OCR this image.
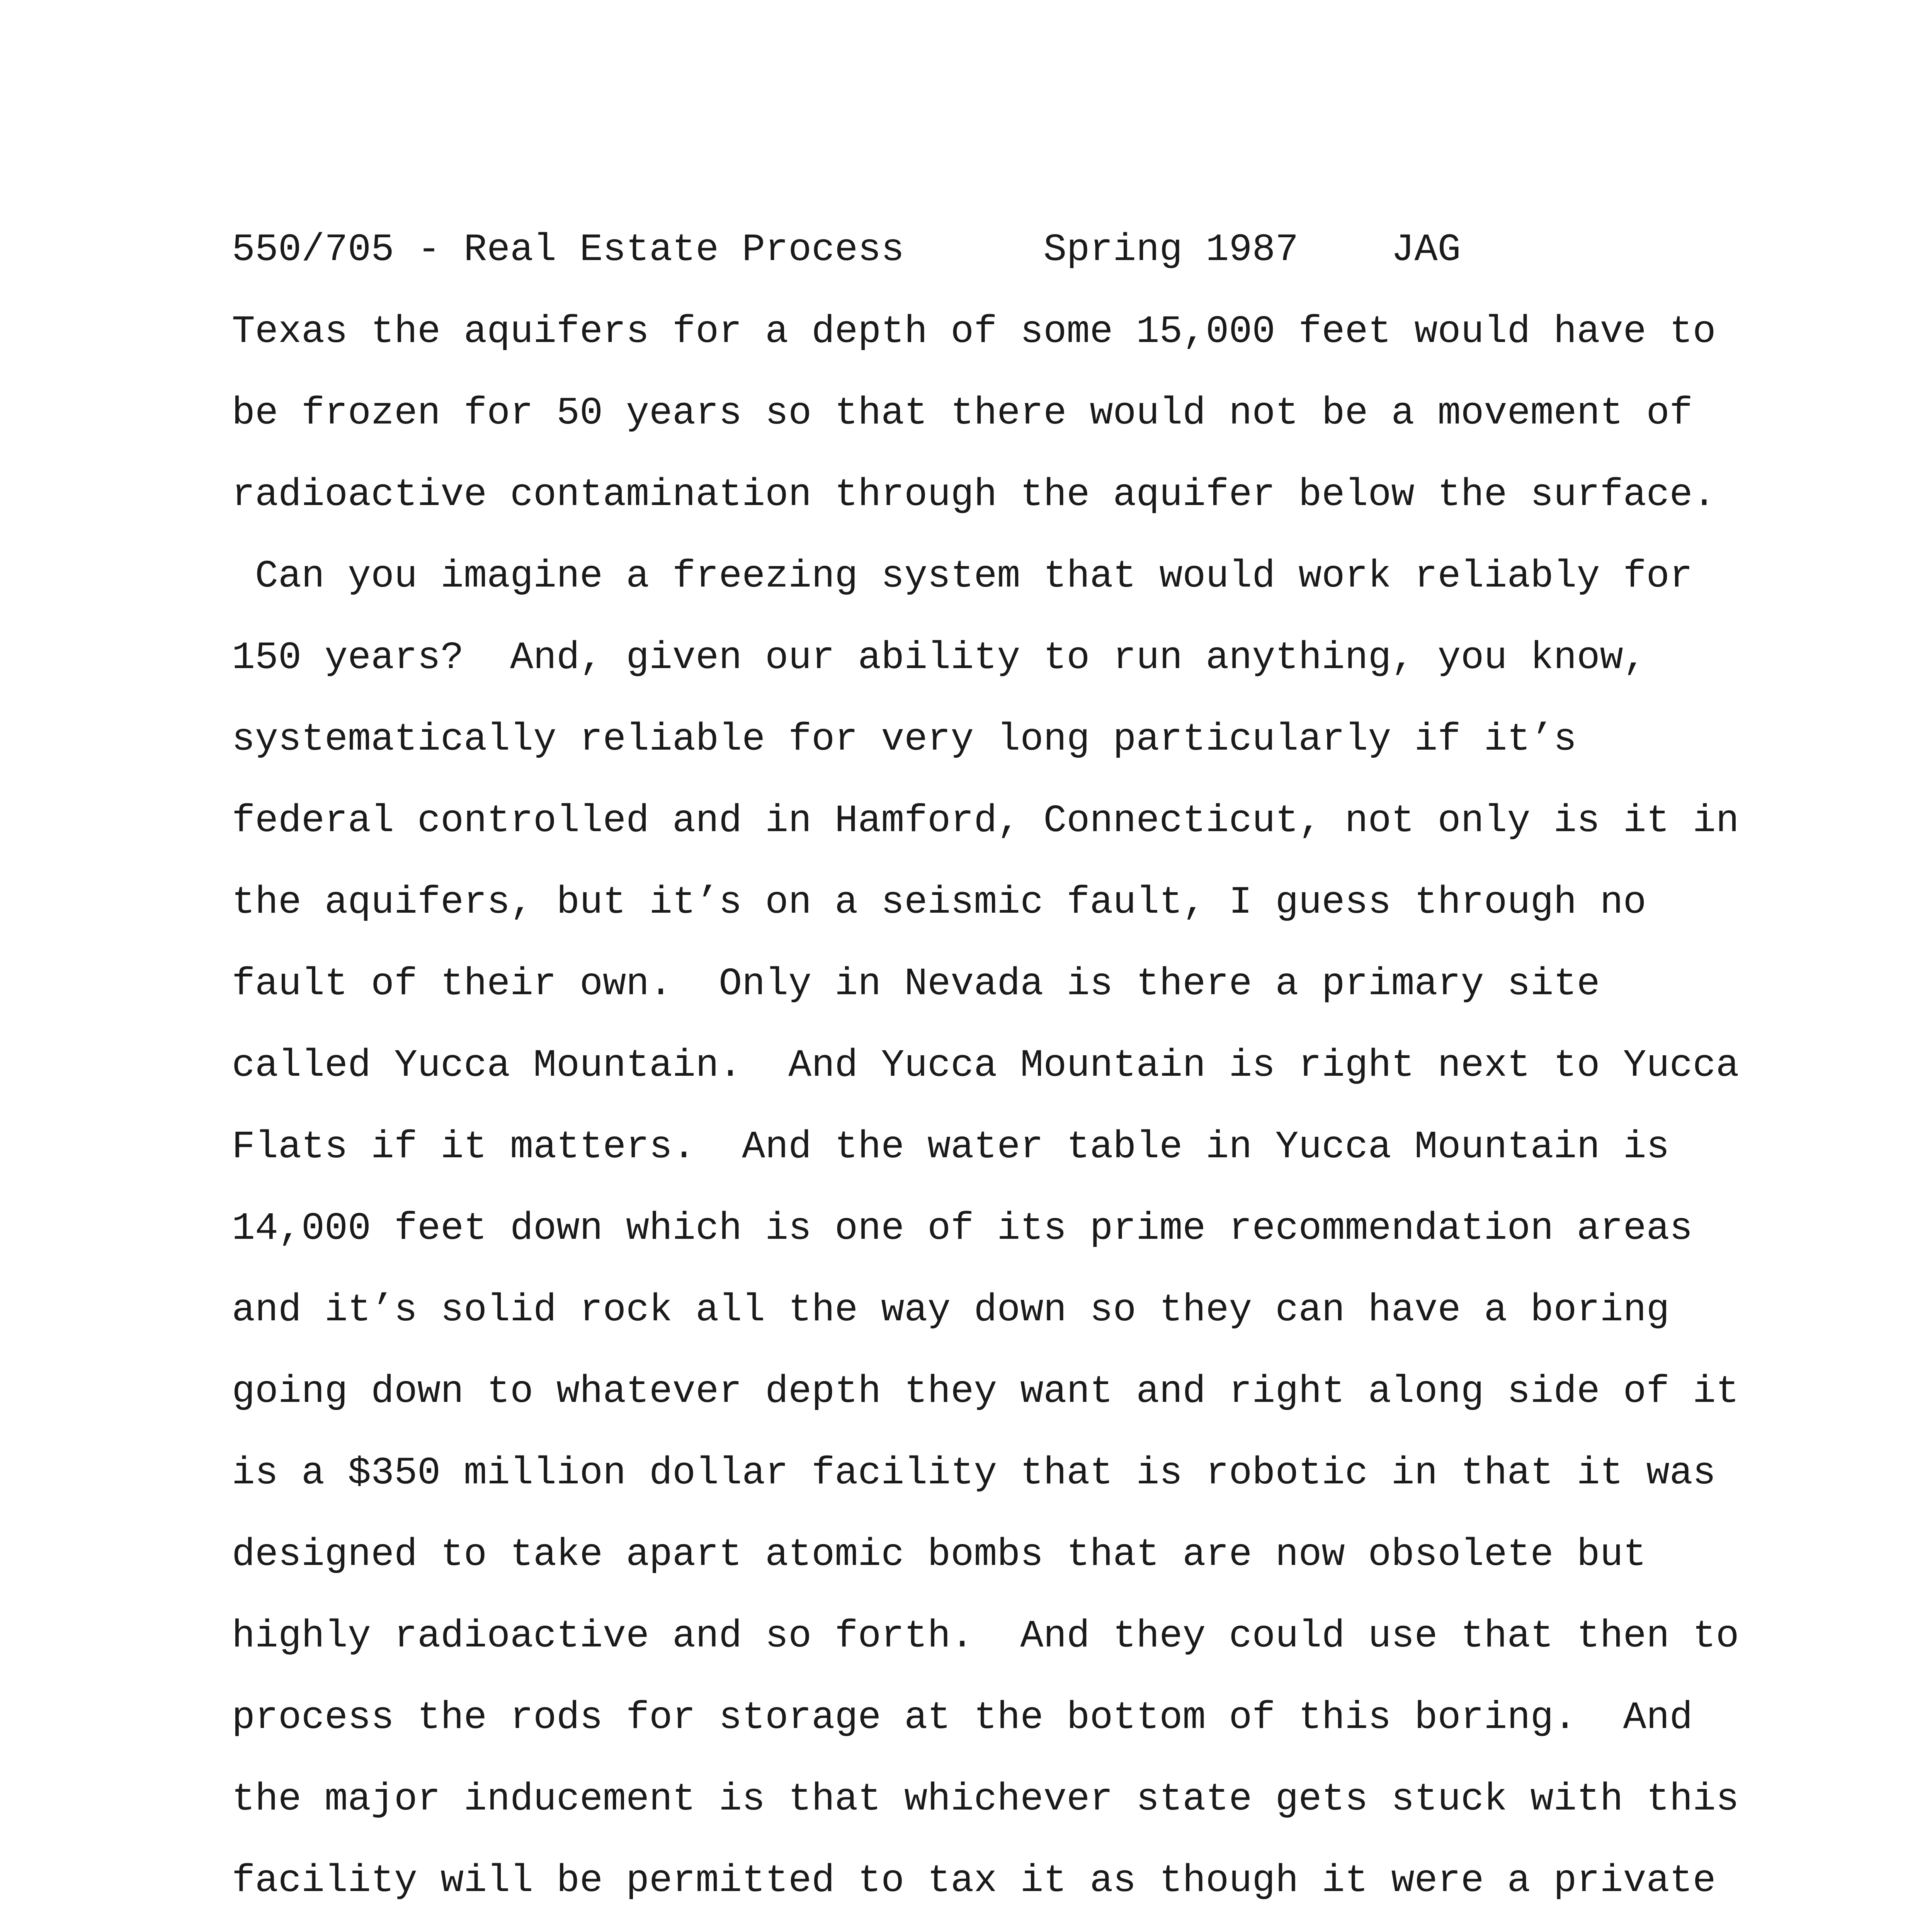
550/705 - Real Estate Process	Spring 1987 JAG
Texas the aquifers for a depth of some 15,000 feet would have to
be frozen for 50 years so that there would not be a movement of
radioactive contamination through the aquifer below the surface.
Can you imagine a freezing system that would work reliably for
150 years?  And, given our ability to run anything, you know,
systematically reliable for very long particularly if it’s
federal controlled and in Hamford, Connecticut, not only is it in
the aquifers, but it’s on a seismic fault, I guess through no
fault of their own.  Only in Nevada is there a primary site
called Yucca Mountain.  And Yucca Mountain is right next to Yucca
Flats if it matters.  And the water table in Yucca Mountain is
14,000 feet down which is one of its prime recommendation areas
and it’s solid rock all the way down so they can have a boring
going down to whatever depth they want and right along side of it
is a $350 million dollar facility that is robotic in that it was
designed to take apart atomic bombs that are now obsolete but
highly radioactive and so forth.  And they could use that then to
process the rods for storage at the bottom of this boring.  And
the major inducement is that whichever state gets stuck with this
facility will be permitted to tax it as though it were a private
